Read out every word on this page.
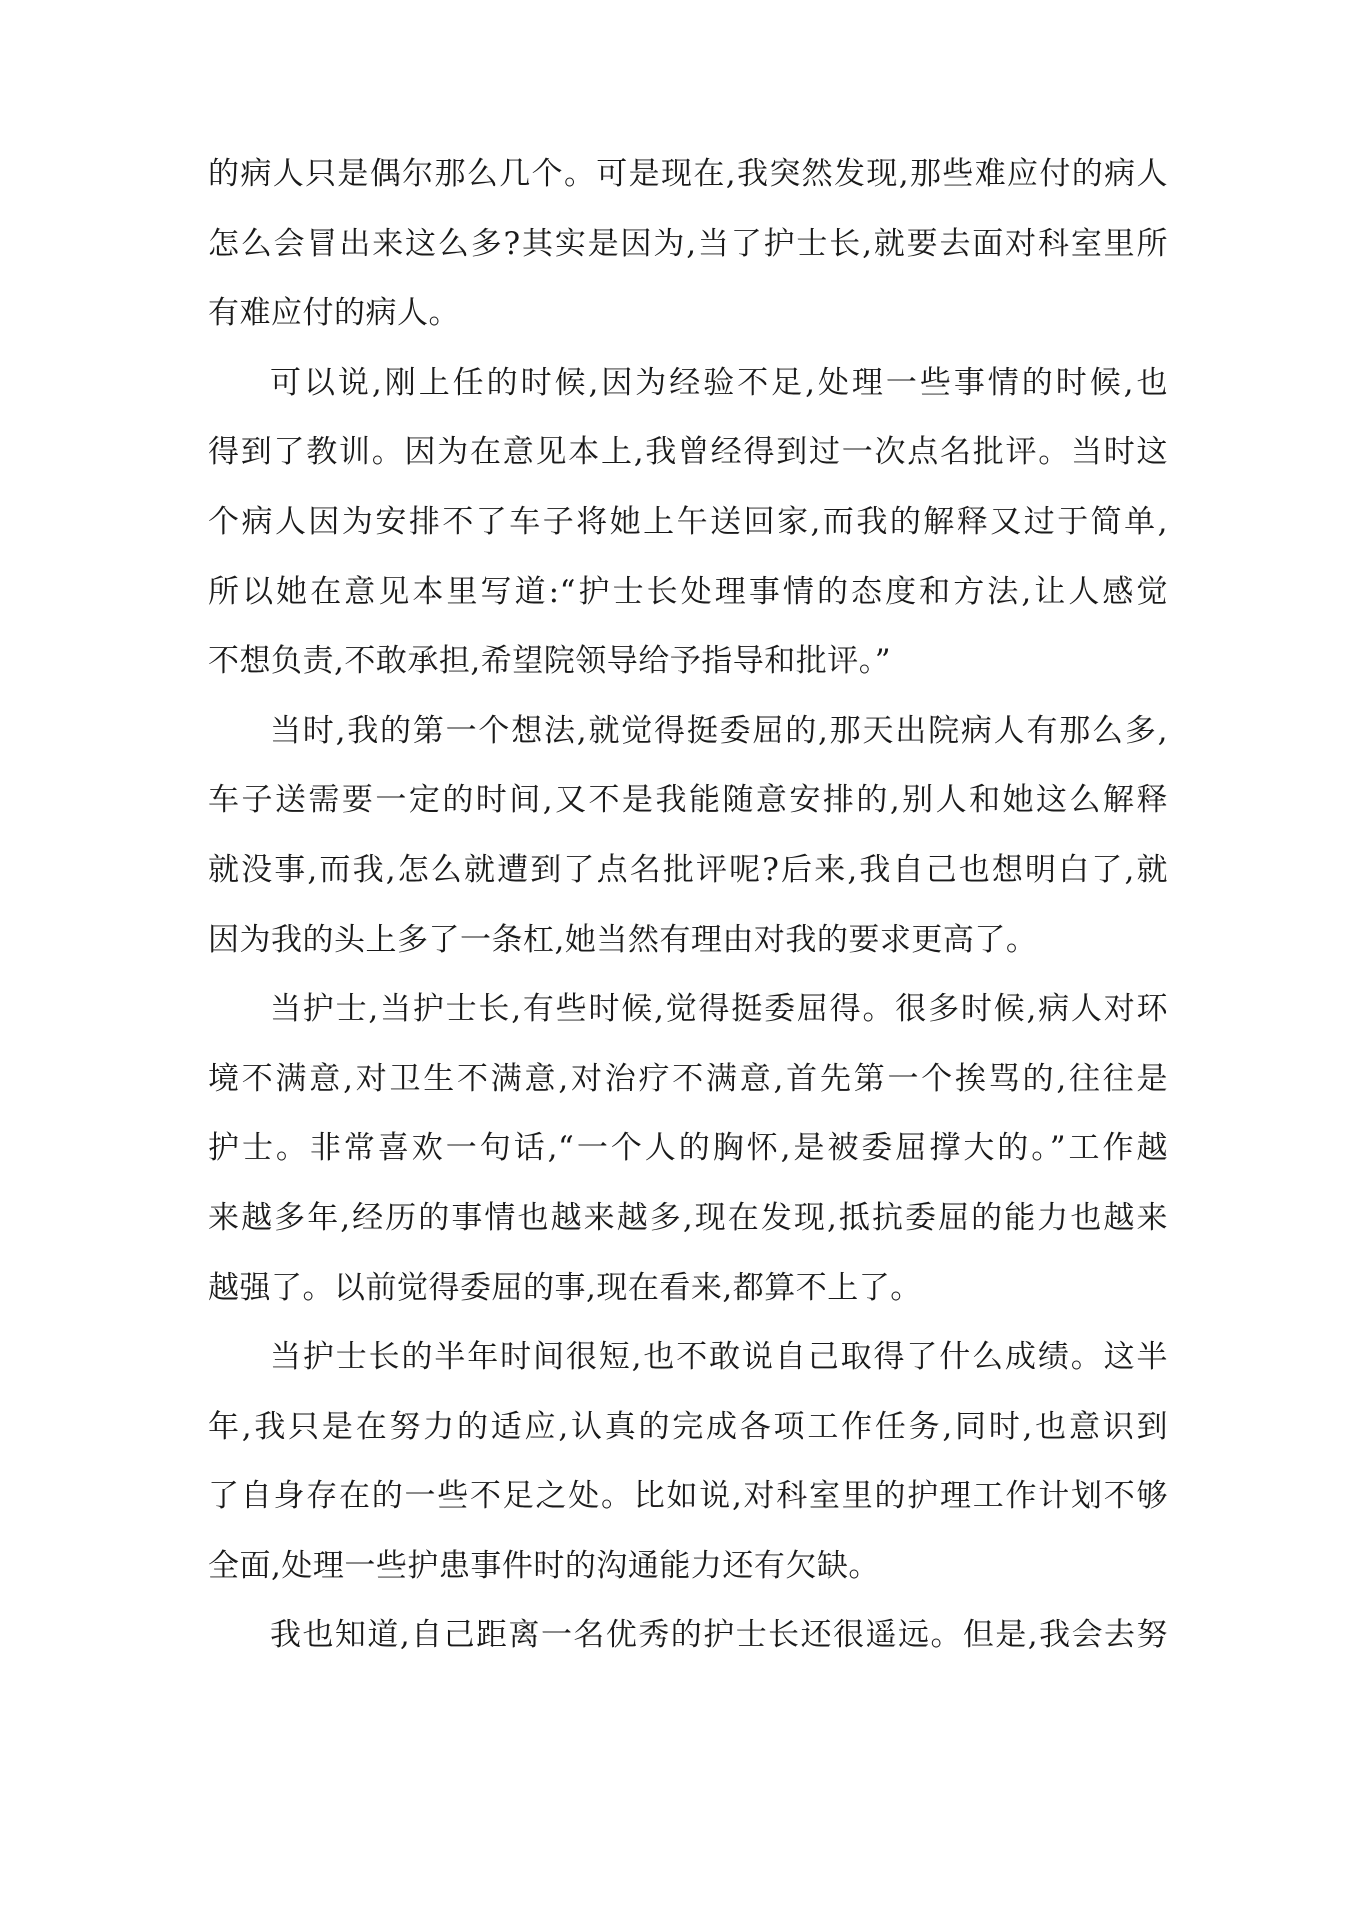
的病人只是偶尔那么几个。可是现在,我突然发现,那些难应付的病人
怎么会冒出来这么多?其实是因为,当了护士长,就要去面对科室里所
有难应付的病人。
可以说,刚上任的时候,因为经验不足,处理一些事情的时候,也
得到了教训。因为在意见本上,我曾经得到过一次点名批评。当时这
个病人因为安排不了车子将她上午送回家,而我的解释又过于简单,
所以她在意见本里写道:“护士长处理事情的态度和方法,让人感觉
不想负责,不敢承担,希望院领导给予指导和批评。”
当时,我的第一个想法,就觉得挺委屈的,那天出院病人有那么多,
车子送需要一定的时间,又不是我能随意安排的,别人和她这么解释
就没事,而我,怎么就遭到了点名批评呢?后来,我自己也想明白了,就
因为我的头上多了一条杠,她当然有理由对我的要求更高了。
当护士,当护士长,有些时候,觉得挺委屈得。很多时候,病人对环
境不满意,对卫生不满意,对治疗不满意,首先第一个挨骂的,往往是
护士。非常喜欢一句话,“一个人的胸怀,是被委屈撑大的。”工作越
来越多年,经历的事情也越来越多,现在发现,抵抗委屈的能力也越来
越强了。以前觉得委屈的事,现在看来,都算不上了。
当护士长的半年时间很短,也不敢说自己取得了什么成绩。这半
年,我只是在努力的适应,认真的完成各项工作任务,同时,也意识到
了自身存在的一些不足之处。比如说,对科室里的护理工作计划不够
全面,处理一些护患事件时的沟通能力还有欠缺。
我也知道,自己距离一名优秀的护士长还很遥远。但是,我会去努
